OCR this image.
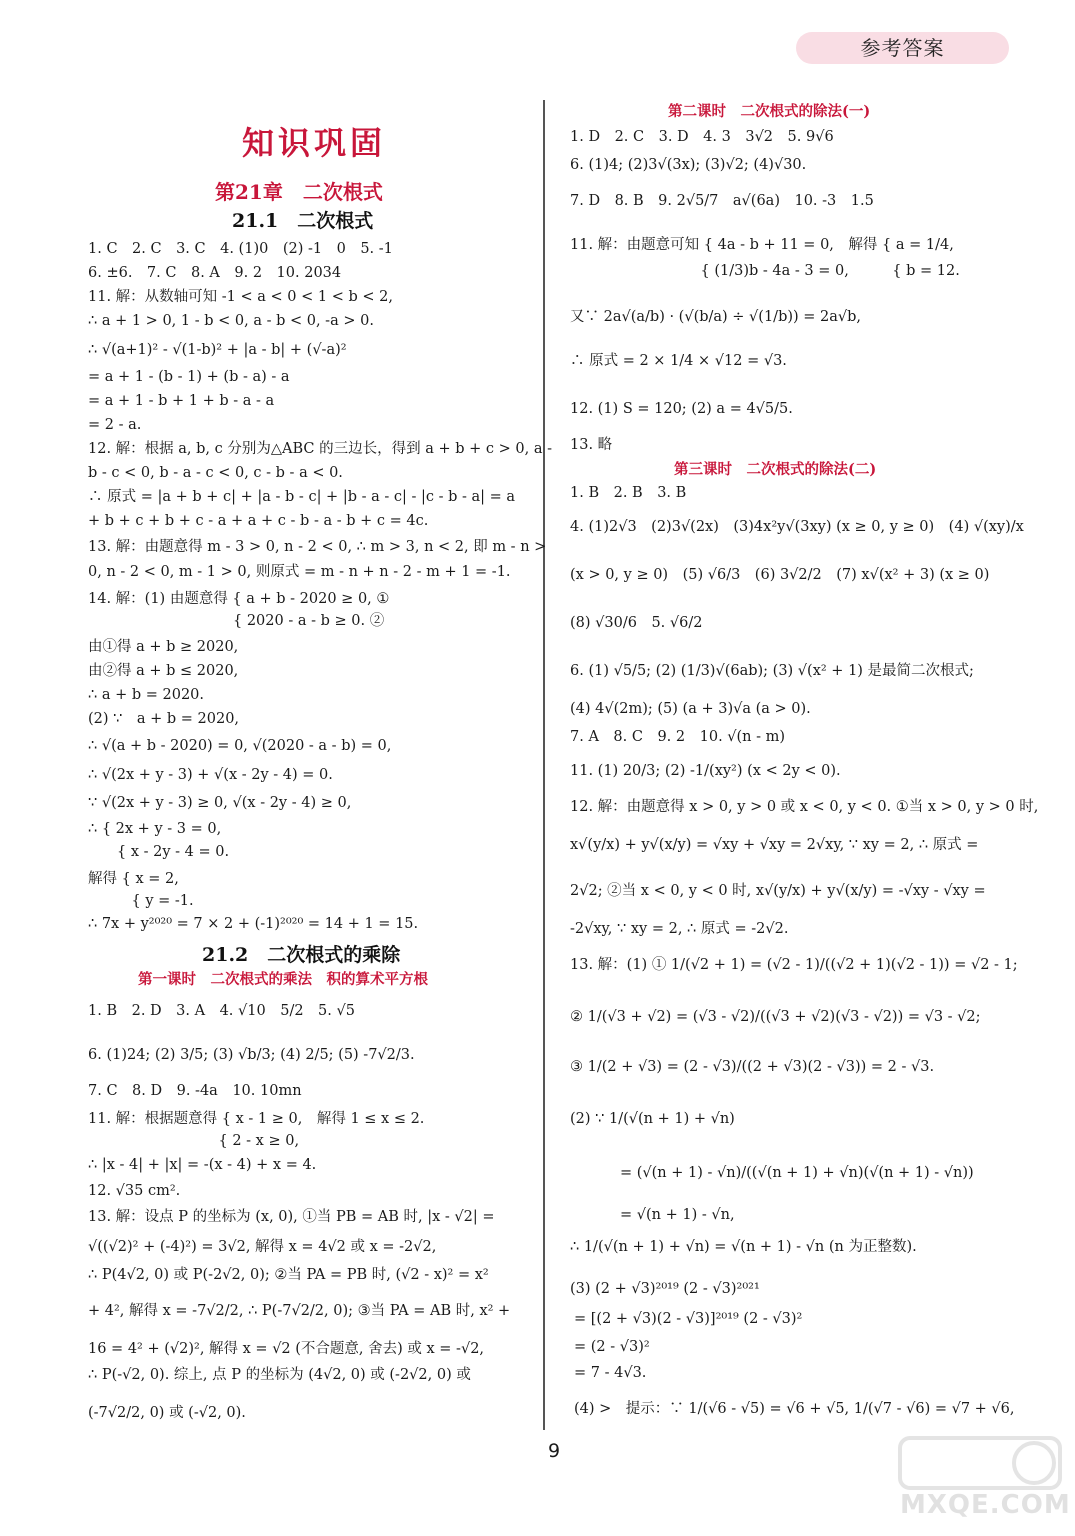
参考答案
知识巩固
第21章　二次根式
21.1　二次根式
1. C　2. C　3. C　4. (1)0　(2) -1　0　5. -1
6. ±6.　7. C　8. A　9. 2　10. 2034
11. 解：从数轴可知 -1 < a < 0 < 1 < b < 2,
∴ a + 1 > 0, 1 - b < 0, a - b < 0, -a > 0.
∴ √(a+1)² - √(1-b)² + |a - b| + (√-a)²
= a + 1 - (b - 1) + (b - a) - a
= a + 1 - b + 1 + b - a - a
= 2 - a.
12. 解：根据 a, b, c 分别为△ABC 的三边长，得到 a + b + c > 0, a -
b - c < 0, b - a - c < 0, c - b - a < 0.
∴ 原式 = |a + b + c| + |a - b - c| + |b - a - c| - |c - b - a| = a
+ b + c + b + c - a + a + c - b - a - b + c = 4c.
13. 解：由题意得 m - 3 > 0, n - 2 < 0, ∴ m > 3, n < 2, 即 m - n >
0, n - 2 < 0, m - 1 > 0, 则原式 = m - n + n - 2 - m + 1 = -1.
14. 解：(1) 由题意得 { a + b - 2020 ≥ 0, ①
　　　　　　　　　　{ 2020 - a - b ≥ 0. ②
由①得 a + b ≥ 2020,
由②得 a + b ≤ 2020,
∴ a + b = 2020.
(2) ∵　a + b = 2020,
∴ √(a + b - 2020) = 0, √(2020 - a - b) = 0,
∴ √(2x + y - 3) + √(x - 2y - 4) = 0.
∵ √(2x + y - 3) ≥ 0, √(x - 2y - 4) ≥ 0,
∴ { 2x + y - 3 = 0,
　　{ x - 2y - 4 = 0.
解得 { x = 2,
　　　{ y = -1.
∴ 7x + y²⁰²⁰ = 7 × 2 + (-1)²⁰²⁰ = 14 + 1 = 15.
21.2　二次根式的乘除
第一课时　二次根式的乘法　积的算术平方根
1. B　2. D　3. A　4. √10　5/2　5. √5
6. (1)24; (2) 3/5; (3) √b/3; (4) 2/5; (5) -7√2/3.
7. C　8. D　9. -4a　10. 10mn
11. 解：根据题意得 { x - 1 ≥ 0,　解得 1 ≤ x ≤ 2.
　　　　　　　　　{ 2 - x ≥ 0,
∴ |x - 4| + |x| = -(x - 4) + x = 4.
12. √35 cm².
13. 解：设点 P 的坐标为 (x, 0), ①当 PB = AB 时, |x - √2| =
√((√2)² + (-4)²) = 3√2, 解得 x = 4√2 或 x = -2√2,
∴ P(4√2, 0) 或 P(-2√2, 0); ②当 PA = PB 时, (√2 - x)² = x²
+ 4², 解得 x = -7√2/2, ∴ P(-7√2/2, 0); ③当 PA = AB 时, x² +
16 = 4² + (√2)², 解得 x = √2 (不合题意, 舍去) 或 x = -√2,
∴ P(-√2, 0). 综上, 点 P 的坐标为 (4√2, 0) 或 (-2√2, 0) 或
(-7√2/2, 0) 或 (-√2, 0).
第二课时　二次根式的除法(一)
1. D　2. C　3. D　4. 3　3√2　5. 9√6
6. (1)4; (2)3√(3x); (3)√2; (4)√30.
7. D　8. B　9. 2√5/7　a√(6a)　10. -3　1.5
11. 解：由题意可知 { 4a - b + 11 = 0,　解得 { a = 1/4,
　　　　　　　　　{ (1/3)b - 4a - 3 = 0,　　　{ b = 12.
又∵ 2a√(a/b) · (√(b/a) ÷ √(1/b)) = 2a√b,
∴ 原式 = 2 × 1/4 × √12 = √3.
12. (1) S = 120; (2) a = 4√5/5.
13. 略
第三课时　二次根式的除法(二)
1. B　2. B　3. B
4. (1)2√3　(2)3√(2x)　(3)4x²y√(3xy) (x ≥ 0, y ≥ 0)　(4) √(xy)/x
(x > 0, y ≥ 0)　(5) √6/3　(6) 3√2/2　(7) x√(x² + 3) (x ≥ 0)
(8) √30/6　5. √6/2
6. (1) √5/5; (2) (1/3)√(6ab); (3) √(x² + 1) 是最简二次根式;
(4) 4√(2m); (5) (a + 3)√a (a > 0).
7. A　8. C　9. 2　10. √(n - m)
11. (1) 20/3; (2) -1/(xy²) (x < 2y < 0).
12. 解：由题意得 x > 0, y > 0 或 x < 0, y < 0. ①当 x > 0, y > 0 时,
x√(y/x) + y√(x/y) = √xy + √xy = 2√xy, ∵ xy = 2, ∴ 原式 =
2√2; ②当 x < 0, y < 0 时, x√(y/x) + y√(x/y) = -√xy - √xy =
-2√xy, ∵ xy = 2, ∴ 原式 = -2√2.
13. 解：(1) ① 1/(√2 + 1) = (√2 - 1)/((√2 + 1)(√2 - 1)) = √2 - 1;
② 1/(√3 + √2) = (√3 - √2)/((√3 + √2)(√3 - √2)) = √3 - √2;
③ 1/(2 + √3) = (2 - √3)/((2 + √3)(2 - √3)) = 2 - √3.
(2) ∵ 1/(√(n + 1) + √n)
= (√(n + 1) - √n)/((√(n + 1) + √n)(√(n + 1) - √n))
= √(n + 1) - √n,
∴ 1/(√(n + 1) + √n) = √(n + 1) - √n (n 为正整数).
(3) (2 + √3)²⁰¹⁹ (2 - √3)²⁰²¹
= [(2 + √3)(2 - √3)]²⁰¹⁹ (2 - √3)²
= (2 - √3)²
= 7 - 4√3.
(4) >　提示：∵ 1/(√6 - √5) = √6 + √5, 1/(√7 - √6) = √7 + √6,
9
MXQE.COM
